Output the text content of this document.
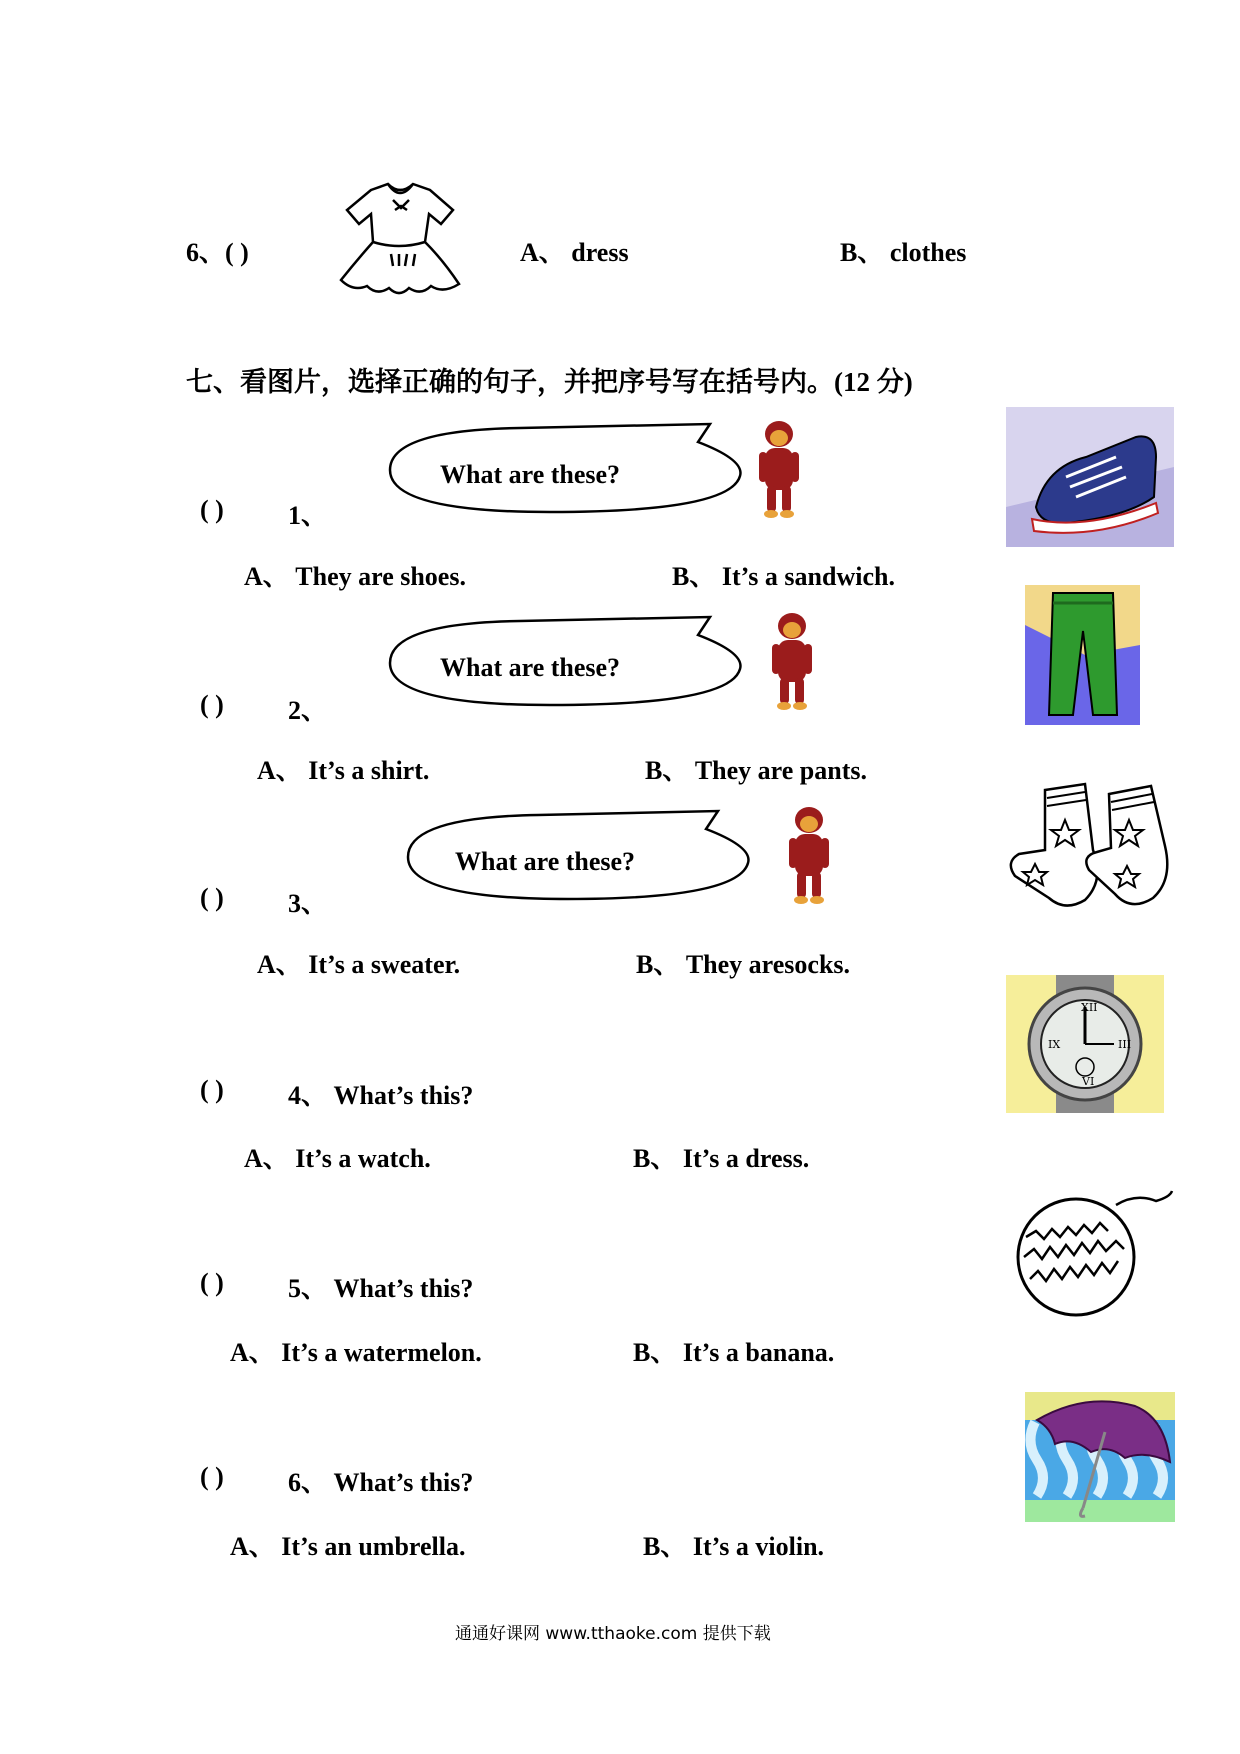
6、( )	A、 dress	B、 clothes
七、看图片，选择正确的句子，并把序号写在括号内。(12 分)
What are these?
( ) 1、
A、 They are shoes.	B、 It’s a sandwich.
What are these?
( ) 2、
A、 It’s a shirt.	B、 They are pants.
What are these?
( ) 3、
A、 It’s a sweater.	B、 They aresocks.
( ) 4、 What’s this?
A、 It’s a watch.	B、 It’s a dress.
XII
III
VI
IX
( ) 5、 What’s this?
A、 It’s a watermelon.	B、 It’s a banana.
( ) 6、 What’s this?
A、 It’s an umbrella.	B、 It’s a violin.
通通好课网 www.tthaoke.com 提供下载
